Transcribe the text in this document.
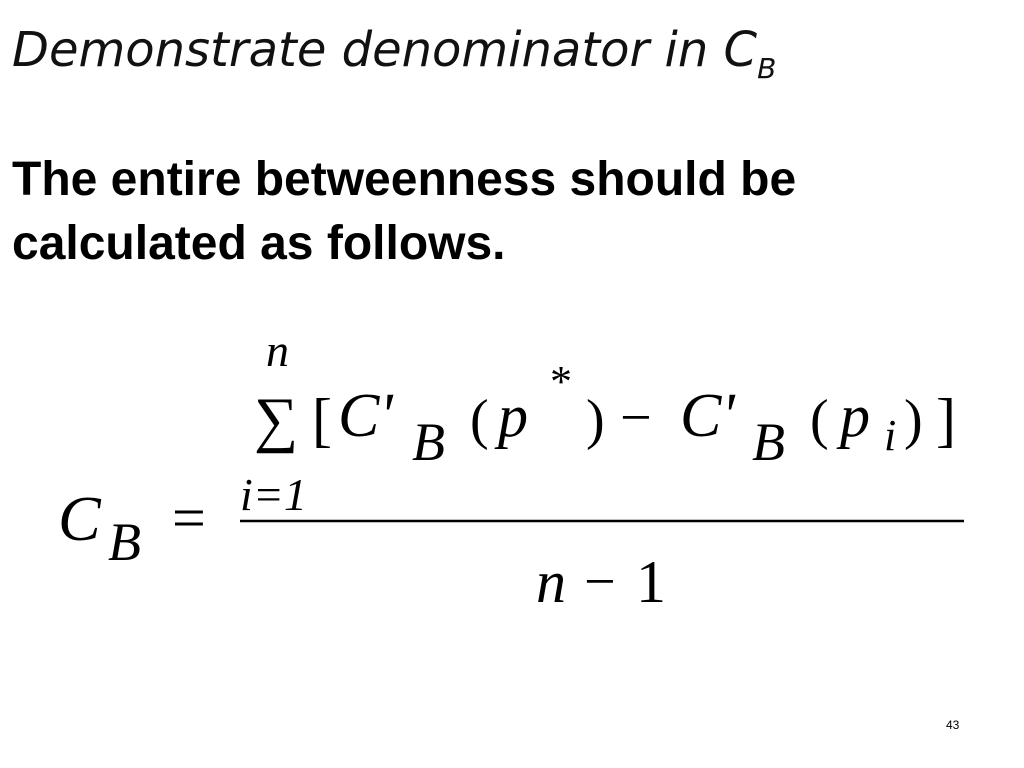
Demonstrate denominator in $C_B$
The entire betweenness should be calculated as follows.
n
∑
i=1
[ C' B ( p
*
) − C' B ( p i ) ]
C B =
n − 1
43
